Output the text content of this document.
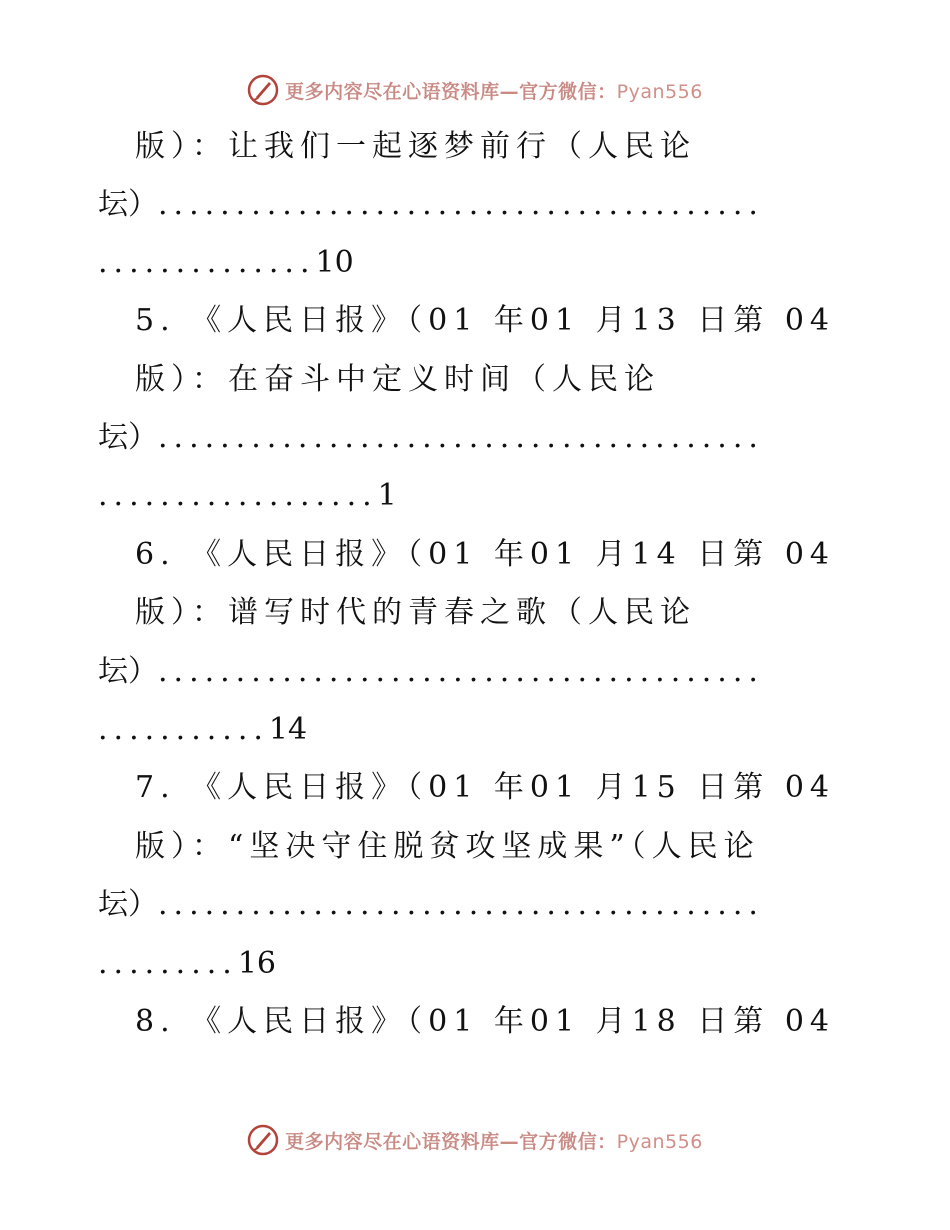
更多内容尽在心语资料库—官方微信：Pyan556
版）：让我们一起逐梦前行（人民论
坛）.......................................
..............10
5. 《人民日报》（01 年01 月13 日第 04
版）：在奋斗中定义时间（人民论
坛）.......................................
..................1
6. 《人民日报》（01 年01 月14 日第 04
版）：谱写时代的青春之歌（人民论
坛）.......................................
...........14
7. 《人民日报》（01 年01 月15 日第 04
版）：“坚决守住脱贫攻坚成果”（人民论
坛）.......................................
.........16
8. 《人民日报》（01 年01 月18 日第 04
更多内容尽在心语资料库—官方微信：Pyan556
